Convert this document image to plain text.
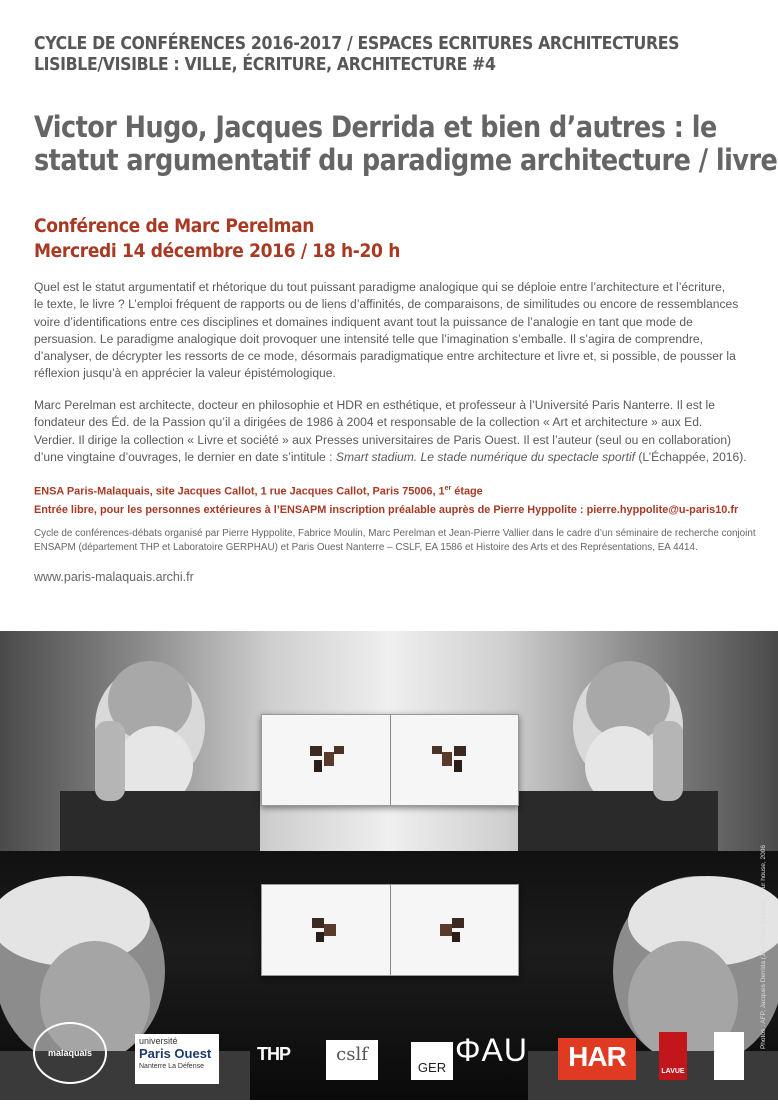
CYCLE DE CONFÉRENCES 2016-2017 / ESPACES ECRITURES ARCHITECTURES
LISIBLE/VISIBLE : VILLE, ÉCRITURE, ARCHITECTURE #4
Victor Hugo, Jacques Derrida et bien d’autres : le
statut argumentatif du paradigme architecture / livre
Conférence de Marc Perelman
Mercredi 14 décembre 2016 / 18 h-20 h
Quel est le statut argumentatif et rhétorique du tout puissant paradigme analogique qui se déploie entre l’architecture et l’écriture,
le texte, le livre ? L’emploi fréquent de rapports ou de liens d’affinités, de comparaisons, de similitudes ou encore de ressemblances
voire d’identifications entre ces disciplines et domaines indiquent avant tout la puissance de l’analogie en tant que mode de
persuasion. Le paradigme analogique doit provoquer une intensité telle que l’imagination s’emballe. Il s’agira de comprendre,
d’analyser, de décrypter les ressorts de ce mode, désormais paradigmatique entre architecture et livre et, si possible, de pousser la
réflexion jusqu’à en apprécier la valeur épistémologique.
Marc Perelman est architecte, docteur en philosophie et HDR en esthétique, et professeur à l’Université Paris Nanterre. Il est le
fondateur des Éd. de la Passion qu’il a dirigées de 1986 à 2004 et responsable de la collection « Art et architecture » aux Ed.
Verdier. Il dirige la collection « Livre et société » aux Presses universitaires de Paris Ouest. Il est l’auteur (seul ou en collaboration)
d’une vingtaine d’ouvrages, le dernier en date s’intitule : Smart stadium. Le stade numérique du spectacle sportif (L’Échappée, 2016).
ENSA Paris-Malaquais, site Jacques Callot, 1 rue Jacques Callot, Paris 75006, 1er étage
Entrée libre, pour les personnes extérieures à l’ENSAPM inscription préalable auprès de Pierre Hyppolite : pierre.hyppolite@u-paris10.fr
Cycle de conférences-débats organisé par Pierre Hyppolite, Fabrice Moulin, Marc Perelman et Jean-Pierre Vallier dans le cadre d’un séminaire de recherche conjoint
ENSAPM (département THP et Laboratoire GERPHAU) et Paris Ouest Nanterre – CSLF, EA 1586 et Histoire des Arts et des Représentations, EA 4414.
www.paris-malaquais.archi.fr
Photos : AFP, Jacques Derrida (JR), Olafur Eliasson, Your house, 2006
malaquais
université
Paris Ouest
Nanterre La Défense
THP	cslf
GER ΦAU	HAR	LAVUE
